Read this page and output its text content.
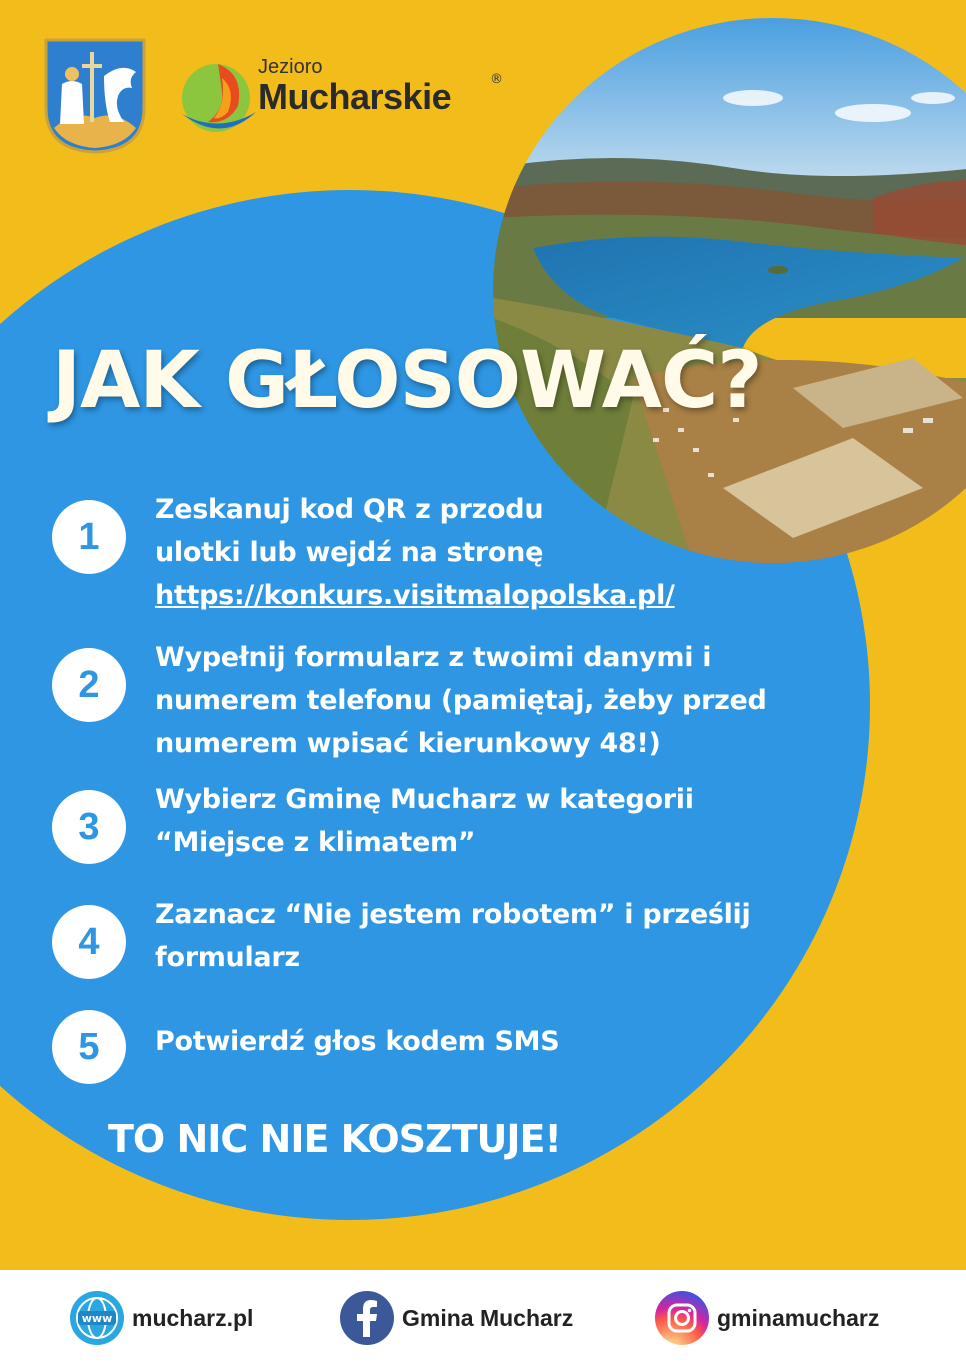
Jezioro
Mucharskie	®
JAK GŁOSOWAĆ?
1
Zeskanuj kod QR z przodu
ulotki lub wejdź na stronę
https://konkurs.visitmalopolska.pl/
2
Wypełnij formularz z twoimi danymi i
numerem telefonu (pamiętaj, żeby przed
numerem wpisać kierunkowy 48!)
3
Wybierz Gminę Mucharz w kategorii
“Miejsce z klimatem”
4
Zaznacz “Nie jestem robotem” i prześlij
formularz
5	Potwierdź głos kodem SMS
TO NIC NIE KOSZTUJE!
www mucharz.pl	Gmina Mucharz	gminamucharz
